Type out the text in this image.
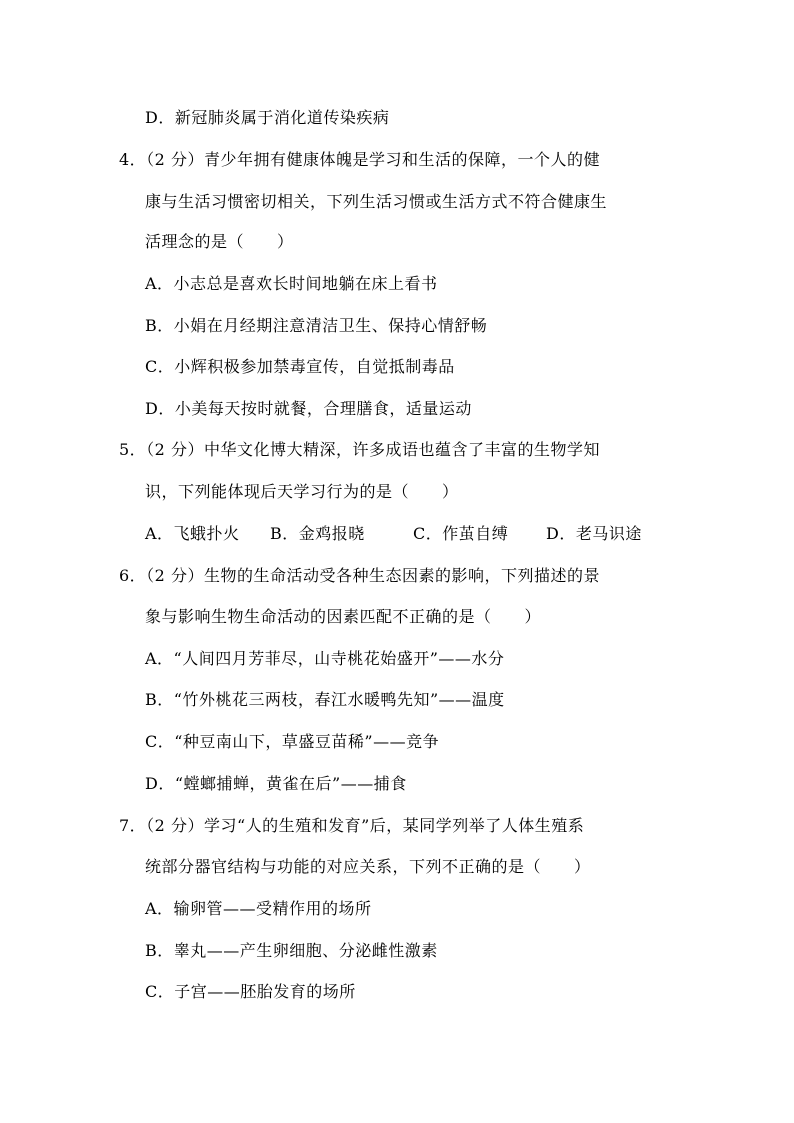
D．新冠肺炎属于消化道传染疾病
4．（2 分）青少年拥有健康体魄是学习和生活的保障，一个人的健
康与生活习惯密切相关，下列生活习惯或生活方式不符合健康生
活理念的是（　　）
A．小志总是喜欢长时间地躺在床上看书
B．小娟在月经期注意清洁卫生、保持心情舒畅
C．小辉积极参加禁毒宣传，自觉抵制毒品
D．小美每天按时就餐，合理膳食，适量运动
5．（2 分）中华文化博大精深，许多成语也蕴含了丰富的生物学知
识，下列能体现后天学习行为的是（　　）
A．飞蛾扑火 B．金鸡报晓	C．作茧自缚 D．老马识途
6．（2 分）生物的生命活动受各种生态因素的影响，下列描述的景
象与影响生物生命活动的因素匹配不正确的是（　　）
A．“人间四月芳菲尽，山寺桃花始盛开”——水分
B．“竹外桃花三两枝，春江水暖鸭先知”——温度
C．“种豆南山下，草盛豆苗稀”——竞争
D．“螳螂捕蝉，黄雀在后”——捕食
7．（2 分）学习“人的生殖和发育”后，某同学列举了人体生殖系
统部分器官结构与功能的对应关系，下列不正确的是（　　）
A．输卵管——受精作用的场所
B．睾丸——产生卵细胞、分泌雌性激素
C．子宫——胚胎发育的场所
